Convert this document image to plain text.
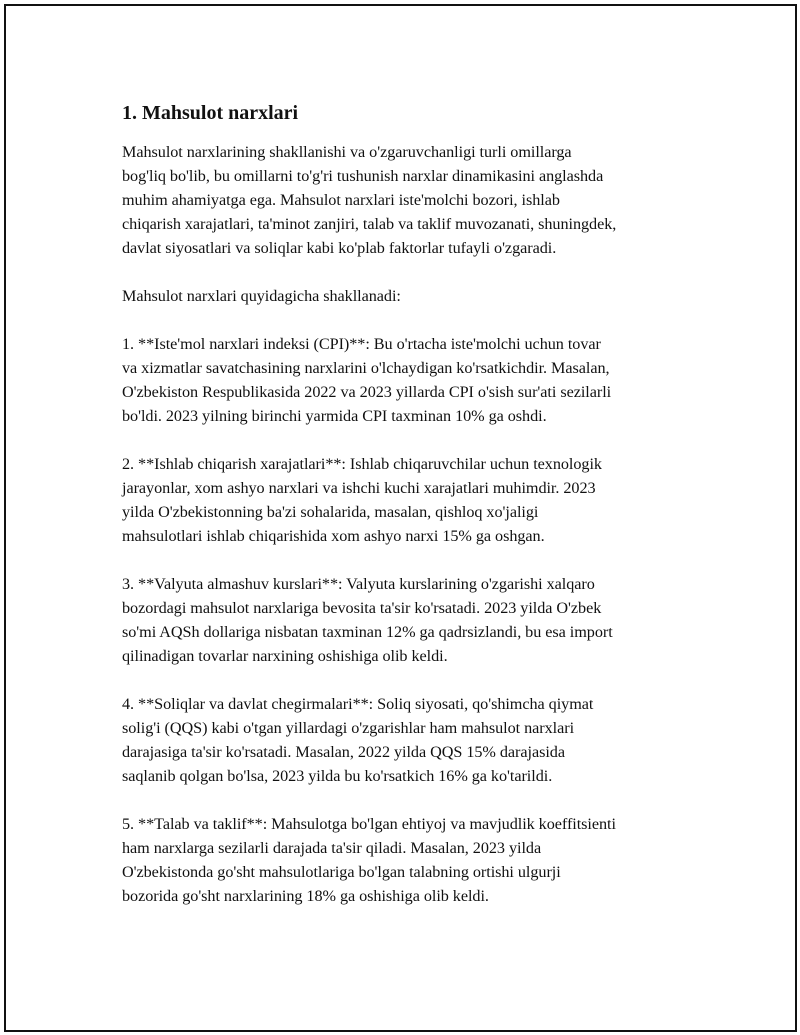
1. Mahsulot narxlari

Mahsulot narxlarining shakllanishi va o'zgaruvchanligi turli omillarga
bog'liq bo'lib, bu omillarni to'g'ri tushunish narxlar dinamikasini anglashda
muhim ahamiyatga ega. Mahsulot narxlari iste'molchi bozori, ishlab
chiqarish xarajatlari, ta'minot zanjiri, talab va taklif muvozanati, shuningdek,
davlat siyosatlari va soliqlar kabi ko'plab faktorlar tufayli o'zgaradi.

Mahsulot narxlari quyidagicha shakllanadi:

1. **Iste'mol narxlari indeksi (CPI)**: Bu o'rtacha iste'molchi uchun tovar
va xizmatlar savatchasining narxlarini o'lchaydigan ko'rsatkichdir. Masalan,
O'zbekiston Respublikasida 2022 va 2023 yillarda CPI o'sish sur'ati sezilarli
bo'ldi. 2023 yilning birinchi yarmida CPI taxminan 10% ga oshdi.

2. **Ishlab chiqarish xarajatlari**: Ishlab chiqaruvchilar uchun texnologik
jarayonlar, xom ashyo narxlari va ishchi kuchi xarajatlari muhimdir. 2023
yilda O'zbekistonning ba'zi sohalarida, masalan, qishloq xo'jaligi
mahsulotlari ishlab chiqarishida xom ashyo narxi 15% ga oshgan.

3. **Valyuta almashuv kurslari**: Valyuta kurslarining o'zgarishi xalqaro
bozordagi mahsulot narxlariga bevosita ta'sir ko'rsatadi. 2023 yilda O'zbek
so'mi AQSh dollariga nisbatan taxminan 12% ga qadrsizlandi, bu esa import
qilinadigan tovarlar narxining oshishiga olib keldi.

4. **Soliqlar va davlat chegirmalari**: Soliq siyosati, qo'shimcha qiymat
solig'i (QQS) kabi o'tgan yillardagi o'zgarishlar ham mahsulot narxlari
darajasiga ta'sir ko'rsatadi. Masalan, 2022 yilda QQS 15% darajasida
saqlanib qolgan bo'lsa, 2023 yilda bu ko'rsatkich 16% ga ko'tarildi.

5. **Talab va taklif**: Mahsulotga bo'lgan ehtiyoj va mavjudlik koeffitsienti
ham narxlarga sezilarli darajada ta'sir qiladi. Masalan, 2023 yilda
O'zbekistonda go'sht mahsulotlariga bo'lgan talabning ortishi ulgurji
bozorida go'sht narxlarining 18% ga oshishiga olib keldi.
